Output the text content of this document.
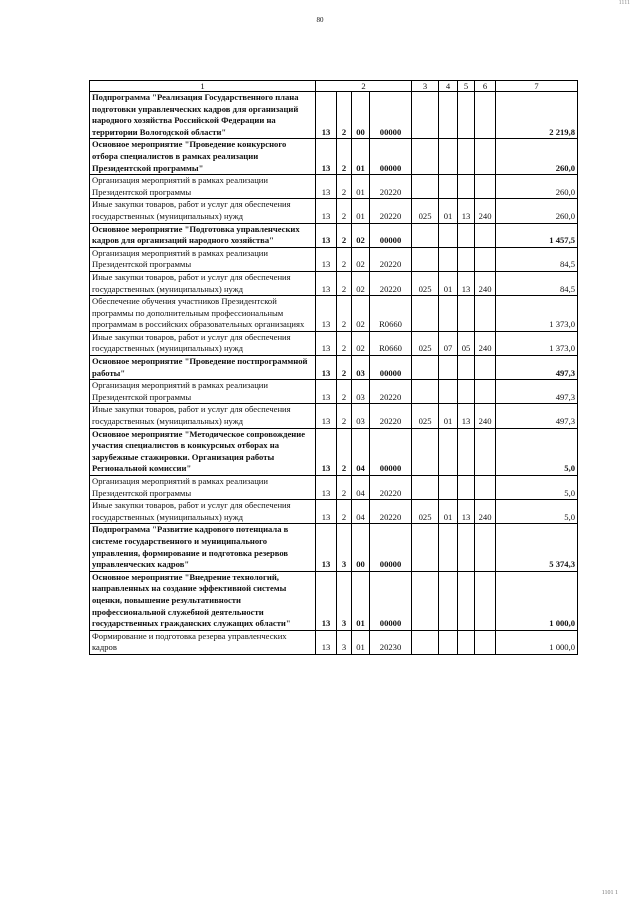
1111
80
1	2				3	4	5	6	7
Подпрограмма "Реализация Государственного плана подготовки управленческих кадров для организаций народного хозяйства Российской Федерации на территории Вологодской области"	13	2	00	00000					2 219,8
Основное мероприятие "Проведение конкурсного отбора специалистов в рамках реализации Президентской программы"	13	2	01	00000					260,0
Организация мероприятий в рамках реализации Президентской программы	13	2	01	20220					260,0
Иные закупки товаров, работ и услуг для обеспечения государственных (муниципальных) нужд	13	2	01	20220	025	01	13	240	260,0
Основное мероприятие "Подготовка управленческих кадров для организаций народного хозяйства"	13	2	02	00000					1 457,5
Организация мероприятий в рамках реализации Президентской программы	13	2	02	20220					84,5
Иные закупки товаров, работ и услуг для обеспечения государственных (муниципальных) нужд	13	2	02	20220	025	01	13	240	84,5
Обеспечение обучения участников Президентской программы по дополнительным профессиональным программам в российских образовательных организациях	13	2	02	R0660					1 373,0
Иные закупки товаров, работ и услуг для обеспечения государственных (муниципальных) нужд	13	2	02	R0660	025	07	05	240	1 373,0
Основное мероприятие "Проведение постпрограммной работы"	13	2	03	00000					497,3
Организация мероприятий в рамках реализации Президентской программы	13	2	03	20220					497,3
Иные закупки товаров, работ и услуг для обеспечения государственных (муниципальных) нужд	13	2	03	20220	025	01	13	240	497,3
Основное мероприятие "Методическое сопровождение участия специалистов в конкурсных отборах на зарубежные стажировки. Организация работы Региональной комиссии"	13	2	04	00000					5,0
Организация мероприятий в рамках реализации Президентской программы	13	2	04	20220					5,0
Иные закупки товаров, работ и услуг для обеспечения государственных (муниципальных) нужд	13	2	04	20220	025	01	13	240	5,0
Подпрограмма "Развитие кадрового потенциала в системе государственного и муниципального управления, формирование и подготовка резервов управленческих кадров"	13	3	00	00000					5 374,3
Основное мероприятие "Внедрение технологий, направленных на создание эффективной системы оценки, повышение результативности профессиональной служебной деятельности государственных гражданских служащих области"	13	3	01	00000					1 000,0
Формирование и подготовка резерва управленческих кадров	13	3	01	20230					1 000,0
1101 1
